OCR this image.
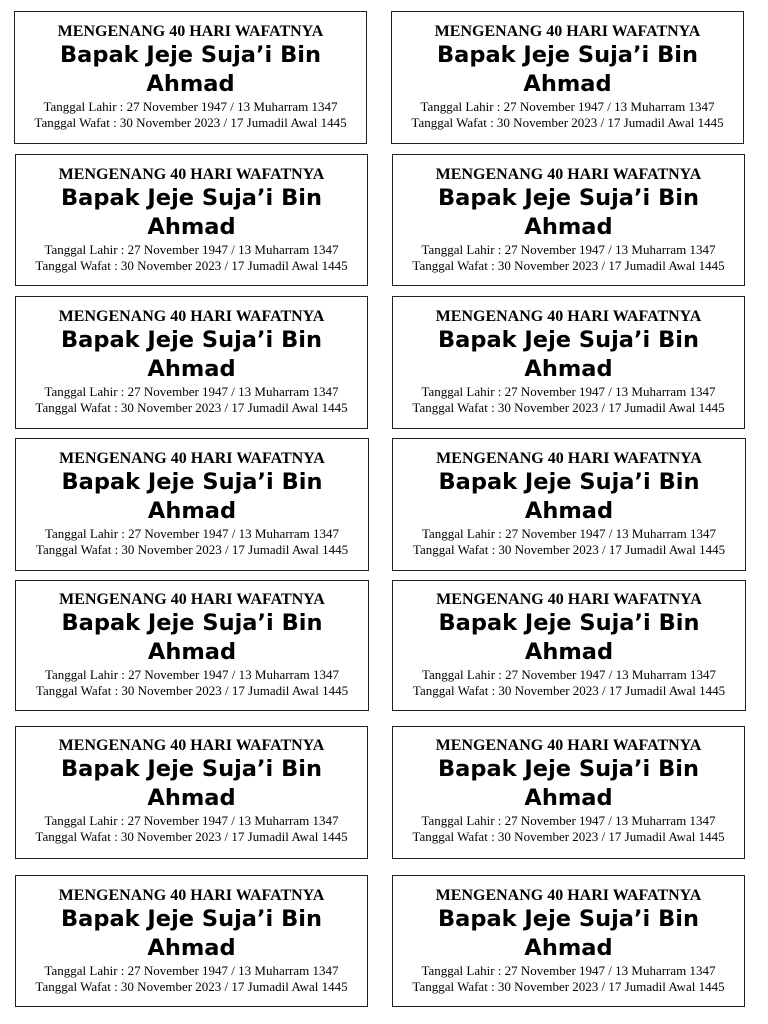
MENGENANG 40 HARI WAFATNYA
Bapak Jeje Suja’i Bin Ahmad
Tanggal Lahir : 27 November 1947 / 13 Muharram 1347
Tanggal Wafat : 30 November 2023 / 17 Jumadil Awal 1445
MENGENANG 40 HARI WAFATNYA
Bapak Jeje Suja’i Bin Ahmad
Tanggal Lahir : 27 November 1947 / 13 Muharram 1347
Tanggal Wafat : 30 November 2023 / 17 Jumadil Awal 1445
MENGENANG 40 HARI WAFATNYA
Bapak Jeje Suja’i Bin Ahmad
Tanggal Lahir : 27 November 1947 / 13 Muharram 1347
Tanggal Wafat : 30 November 2023 / 17 Jumadil Awal 1445
MENGENANG 40 HARI WAFATNYA
Bapak Jeje Suja’i Bin Ahmad
Tanggal Lahir : 27 November 1947 / 13 Muharram 1347
Tanggal Wafat : 30 November 2023 / 17 Jumadil Awal 1445
MENGENANG 40 HARI WAFATNYA
Bapak Jeje Suja’i Bin Ahmad
Tanggal Lahir : 27 November 1947 / 13 Muharram 1347
Tanggal Wafat : 30 November 2023 / 17 Jumadil Awal 1445
MENGENANG 40 HARI WAFATNYA
Bapak Jeje Suja’i Bin Ahmad
Tanggal Lahir : 27 November 1947 / 13 Muharram 1347
Tanggal Wafat : 30 November 2023 / 17 Jumadil Awal 1445
MENGENANG 40 HARI WAFATNYA
Bapak Jeje Suja’i Bin Ahmad
Tanggal Lahir : 27 November 1947 / 13 Muharram 1347
Tanggal Wafat : 30 November 2023 / 17 Jumadil Awal 1445
MENGENANG 40 HARI WAFATNYA
Bapak Jeje Suja’i Bin Ahmad
Tanggal Lahir : 27 November 1947 / 13 Muharram 1347
Tanggal Wafat : 30 November 2023 / 17 Jumadil Awal 1445
MENGENANG 40 HARI WAFATNYA
Bapak Jeje Suja’i Bin Ahmad
Tanggal Lahir : 27 November 1947 / 13 Muharram 1347
Tanggal Wafat : 30 November 2023 / 17 Jumadil Awal 1445
MENGENANG 40 HARI WAFATNYA
Bapak Jeje Suja’i Bin Ahmad
Tanggal Lahir : 27 November 1947 / 13 Muharram 1347
Tanggal Wafat : 30 November 2023 / 17 Jumadil Awal 1445
MENGENANG 40 HARI WAFATNYA
Bapak Jeje Suja’i Bin Ahmad
Tanggal Lahir : 27 November 1947 / 13 Muharram 1347
Tanggal Wafat : 30 November 2023 / 17 Jumadil Awal 1445
MENGENANG 40 HARI WAFATNYA
Bapak Jeje Suja’i Bin Ahmad
Tanggal Lahir : 27 November 1947 / 13 Muharram 1347
Tanggal Wafat : 30 November 2023 / 17 Jumadil Awal 1445
MENGENANG 40 HARI WAFATNYA
Bapak Jeje Suja’i Bin Ahmad
Tanggal Lahir : 27 November 1947 / 13 Muharram 1347
Tanggal Wafat : 30 November 2023 / 17 Jumadil Awal 1445
MENGENANG 40 HARI WAFATNYA
Bapak Jeje Suja’i Bin Ahmad
Tanggal Lahir : 27 November 1947 / 13 Muharram 1347
Tanggal Wafat : 30 November 2023 / 17 Jumadil Awal 1445
